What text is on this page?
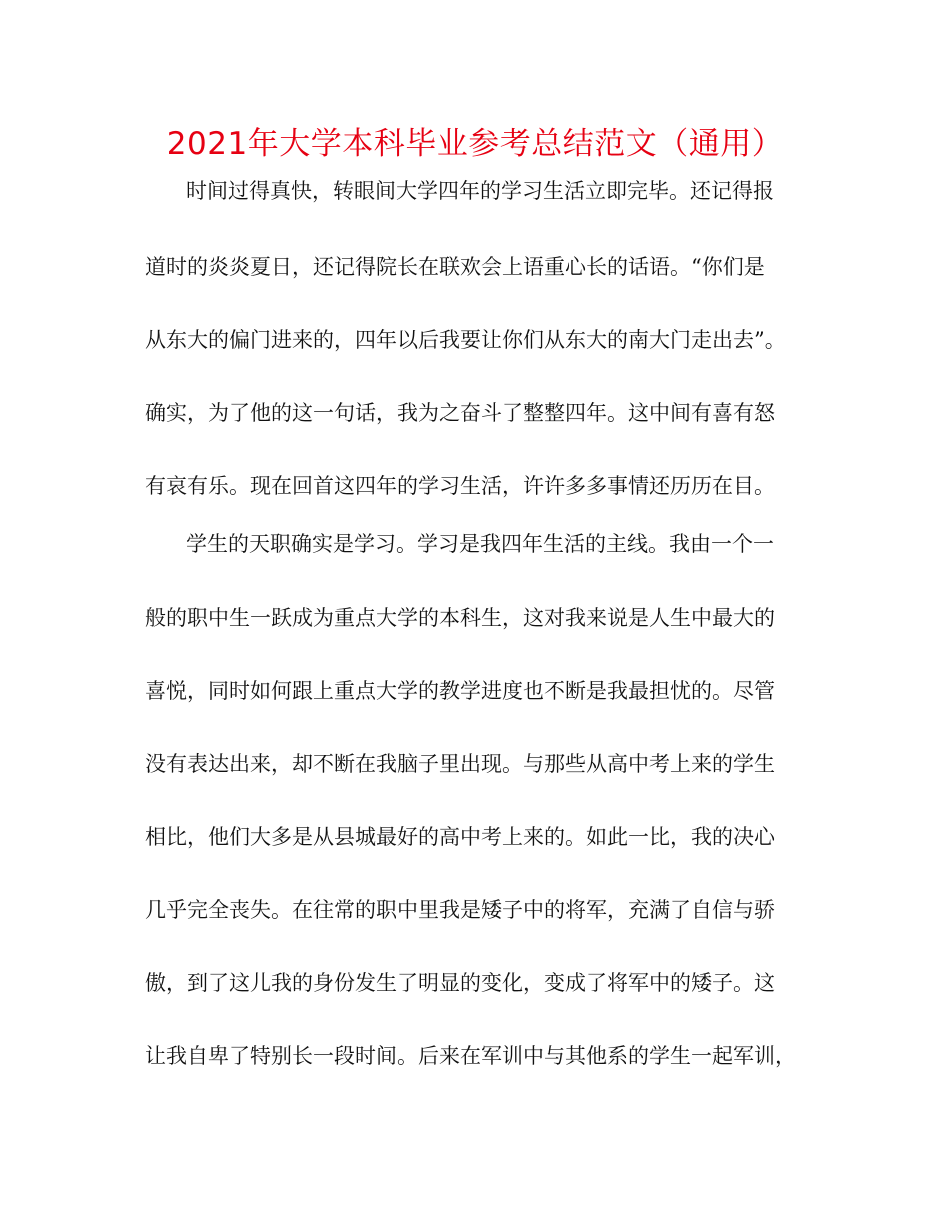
2021年大学本科毕业参考总结范文（通用）
时间过得真快，转眼间大学四年的学习生活立即完毕。还记得报
道时的炎炎夏日，还记得院长在联欢会上语重心长的话语。“你们是
从东大的偏门进来的，四年以后我要让你们从东大的南大门走出去”。
确实，为了他的这一句话，我为之奋斗了整整四年。这中间有喜有怒
有哀有乐。现在回首这四年的学习生活，许许多多事情还历历在目。
学生的天职确实是学习。学习是我四年生活的主线。我由一个一
般的职中生一跃成为重点大学的本科生，这对我来说是人生中最大的
喜悦，同时如何跟上重点大学的教学进度也不断是我最担忧的。尽管
没有表达出来，却不断在我脑子里出现。与那些从高中考上来的学生
相比，他们大多是从县城最好的高中考上来的。如此一比，我的决心
几乎完全丧失。在往常的职中里我是矮子中的将军，充满了自信与骄
傲，到了这儿我的身份发生了明显的变化，变成了将军中的矮子。这
让我自卑了特别长一段时间。后来在军训中与其他系的学生一起军训，
